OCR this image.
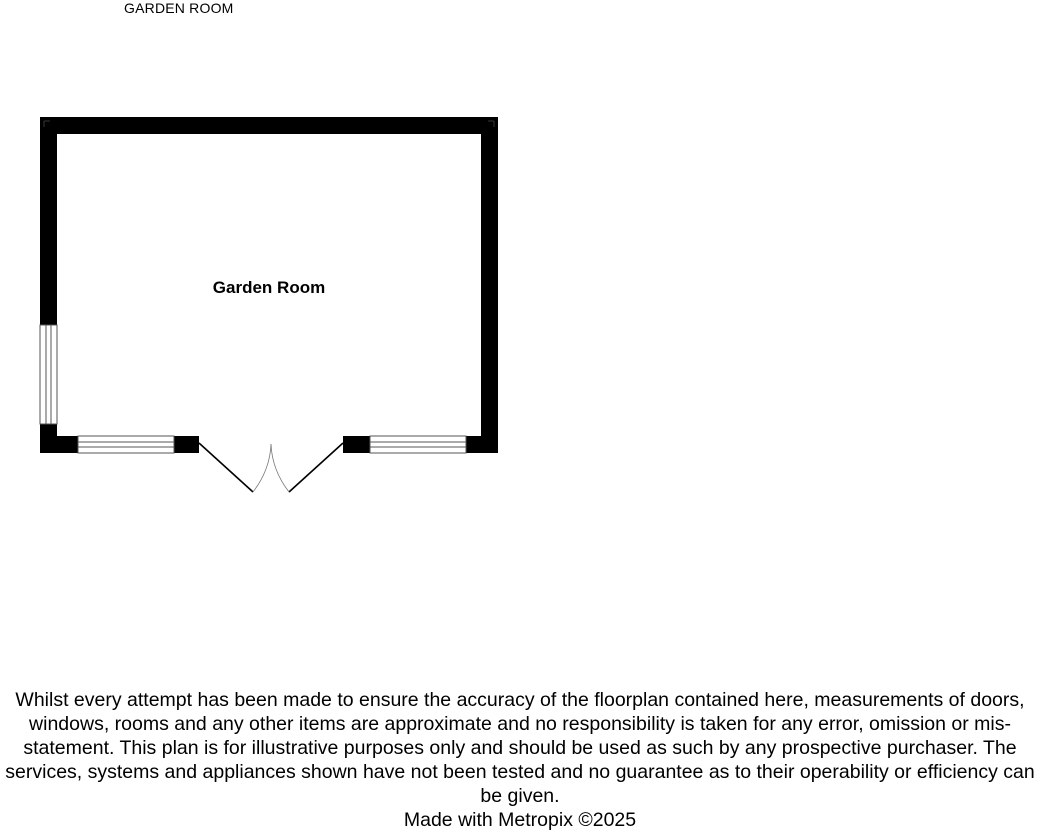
GARDEN ROOM
Garden Room

Whilst every attempt has been made to ensure the accuracy of the floorplan contained here, measurements of doors, windows, rooms and any other items are approximate and no responsibility is taken for any error, omission or mis-statement. This plan is for illustrative purposes only and should be used as such by any prospective purchaser. The services, systems and appliances shown have not been tested and no guarantee as to their operability or efficiency can be given.

Made with Metropix ©2025
